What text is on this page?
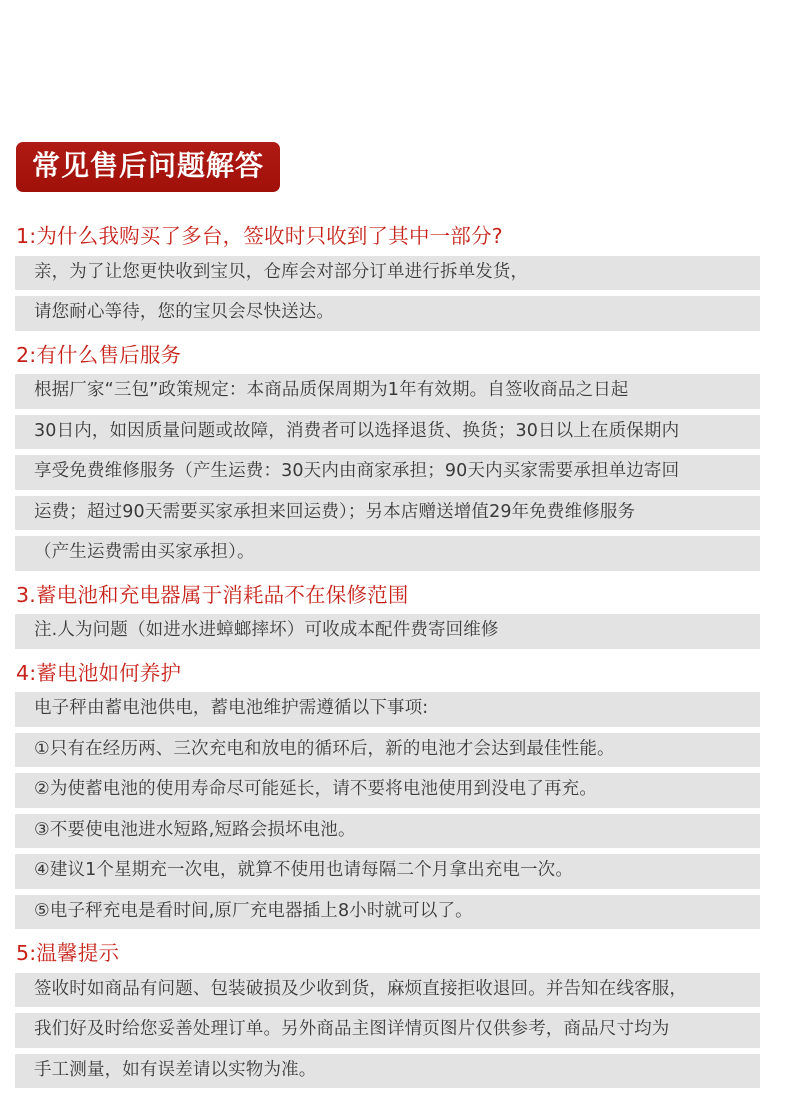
常见售后问题解答
1:为什么我购买了多台，签收时只收到了其中一部分?
亲，为了让您更快收到宝贝，仓库会对部分订单进行拆单发货，
请您耐心等待，您的宝贝会尽快送达。
2:有什么售后服务
根据厂家“三包”政策规定：本商品质保周期为1年有效期。自签收商品之日起
30日内，如因质量问题或故障，消费者可以选择退货、换货；30日以上在质保期内
享受免费维修服务（产生运费：30天内由商家承担；90天内买家需要承担单边寄回
运费；超过90天需要买家承担来回运费）；另本店赠送增值29年免费维修服务
（产生运费需由买家承担）。
3.蓄电池和充电器属于消耗品不在保修范围
注.人为问题（如进水进蟑螂摔坏）可收成本配件费寄回维修
4:蓄电池如何养护
电子秤由蓄电池供电，蓄电池维护需遵循以下事项:
①只有在经历两、三次充电和放电的循环后，新的电池才会达到最佳性能。
②为使蓄电池的使用寿命尽可能延长，请不要将电池使用到没电了再充。
③不要使电池进水短路,短路会损坏电池。
④建议1个星期充一次电，就算不使用也请每隔二个月拿出充电一次。
⑤电子秤充电是看时间,原厂充电器插上8小时就可以了。
5:温馨提示
签收时如商品有问题、包装破损及少收到货，麻烦直接拒收退回。并告知在线客服，
我们好及时给您妥善处理订单。另外商品主图详情页图片仅供参考，商品尺寸均为
手工测量，如有误差请以实物为准。
